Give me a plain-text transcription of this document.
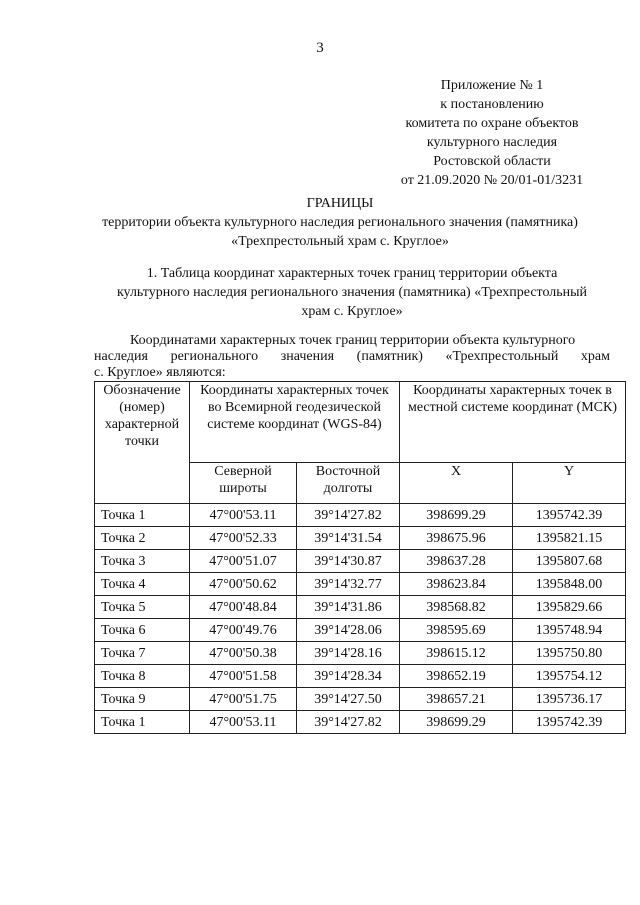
3
Приложение № 1
к постановлению
комитета по охране объектов
культурного наследия
Ростовской области
от 21.09.2020 № 20/01-01/3231
ГРАНИЦЫ
территории объекта культурного наследия регионального значения (памятника)
«Трехпрестольный храм с. Круглое»
1. Таблица координат характерных точек границ территории объекта
культурного наследия регионального значения (памятника) «Трехпрестольный
храм с. Круглое»
Координатами характерных точек границ территории объекта культурного
наследия регионального значения (памятник) «Трехпрестольный храм
с. Круглое» являются:
Обозначение (номер) характерной точки	Координаты характерных точек во Всемирной геодезической системе координат (WGS-84)		Координаты характерных точек в местной системе координат (МСК)	
	Северной широты	Восточной долготы	X	Y
Точка 1	47°00'53.11	39°14'27.82	398699.29	1395742.39
Точка 2	47°00'52.33	39°14'31.54	398675.96	1395821.15
Точка 3	47°00'51.07	39°14'30.87	398637.28	1395807.68
Точка 4	47°00'50.62	39°14'32.77	398623.84	1395848.00
Точка 5	47°00'48.84	39°14'31.86	398568.82	1395829.66
Точка 6	47°00'49.76	39°14'28.06	398595.69	1395748.94
Точка 7	47°00'50.38	39°14'28.16	398615.12	1395750.80
Точка 8	47°00'51.58	39°14'28.34	398652.19	1395754.12
Точка 9	47°00'51.75	39°14'27.50	398657.21	1395736.17
Точка 1	47°00'53.11	39°14'27.82	398699.29	1395742.39
